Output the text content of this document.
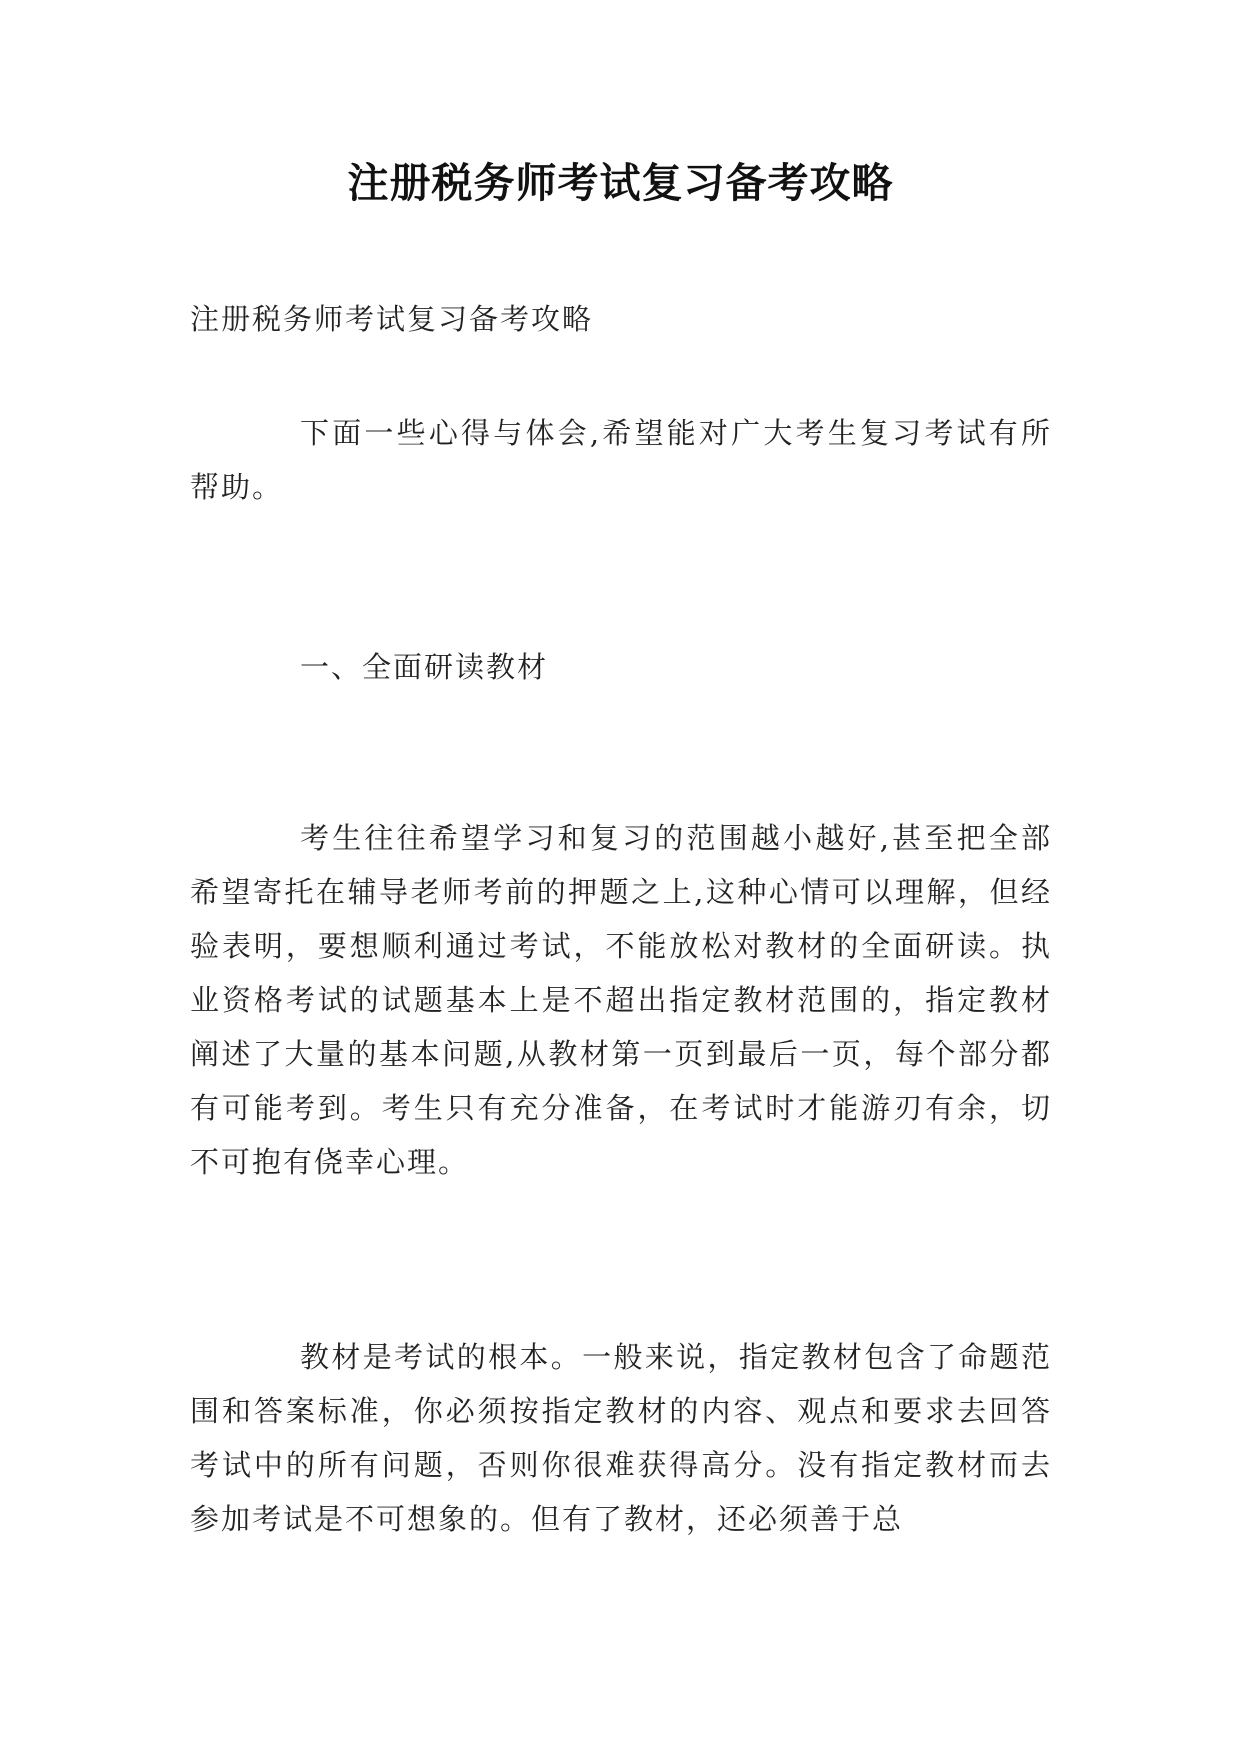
注册税务师考试复习备考攻略

注册税务师考试复习备考攻略

下面一些心得与体会,希望能对广大考生复习考试有所帮助。

一、全面研读教材

考生往往希望学习和复习的范围越小越好,甚至把全部希望寄托在辅导老师考前的押题之上,这种心情可以理解，但经验表明，要想顺利通过考试，不能放松对教材的全面研读。执业资格考试的试题基本上是不超出指定教材范围的，指定教材阐述了大量的基本问题,从教材第一页到最后一页，每个部分都有可能考到。考生只有充分准备，在考试时才能游刃有余，切不可抱有侥幸心理。

教材是考试的根本。一般来说，指定教材包含了命题范围和答案标准，你必须按指定教材的内容、观点和要求去回答考试中的所有问题，否则你很难获得高分。没有指定教材而去参加考试是不可想象的。但有了教材，还必须善于总
